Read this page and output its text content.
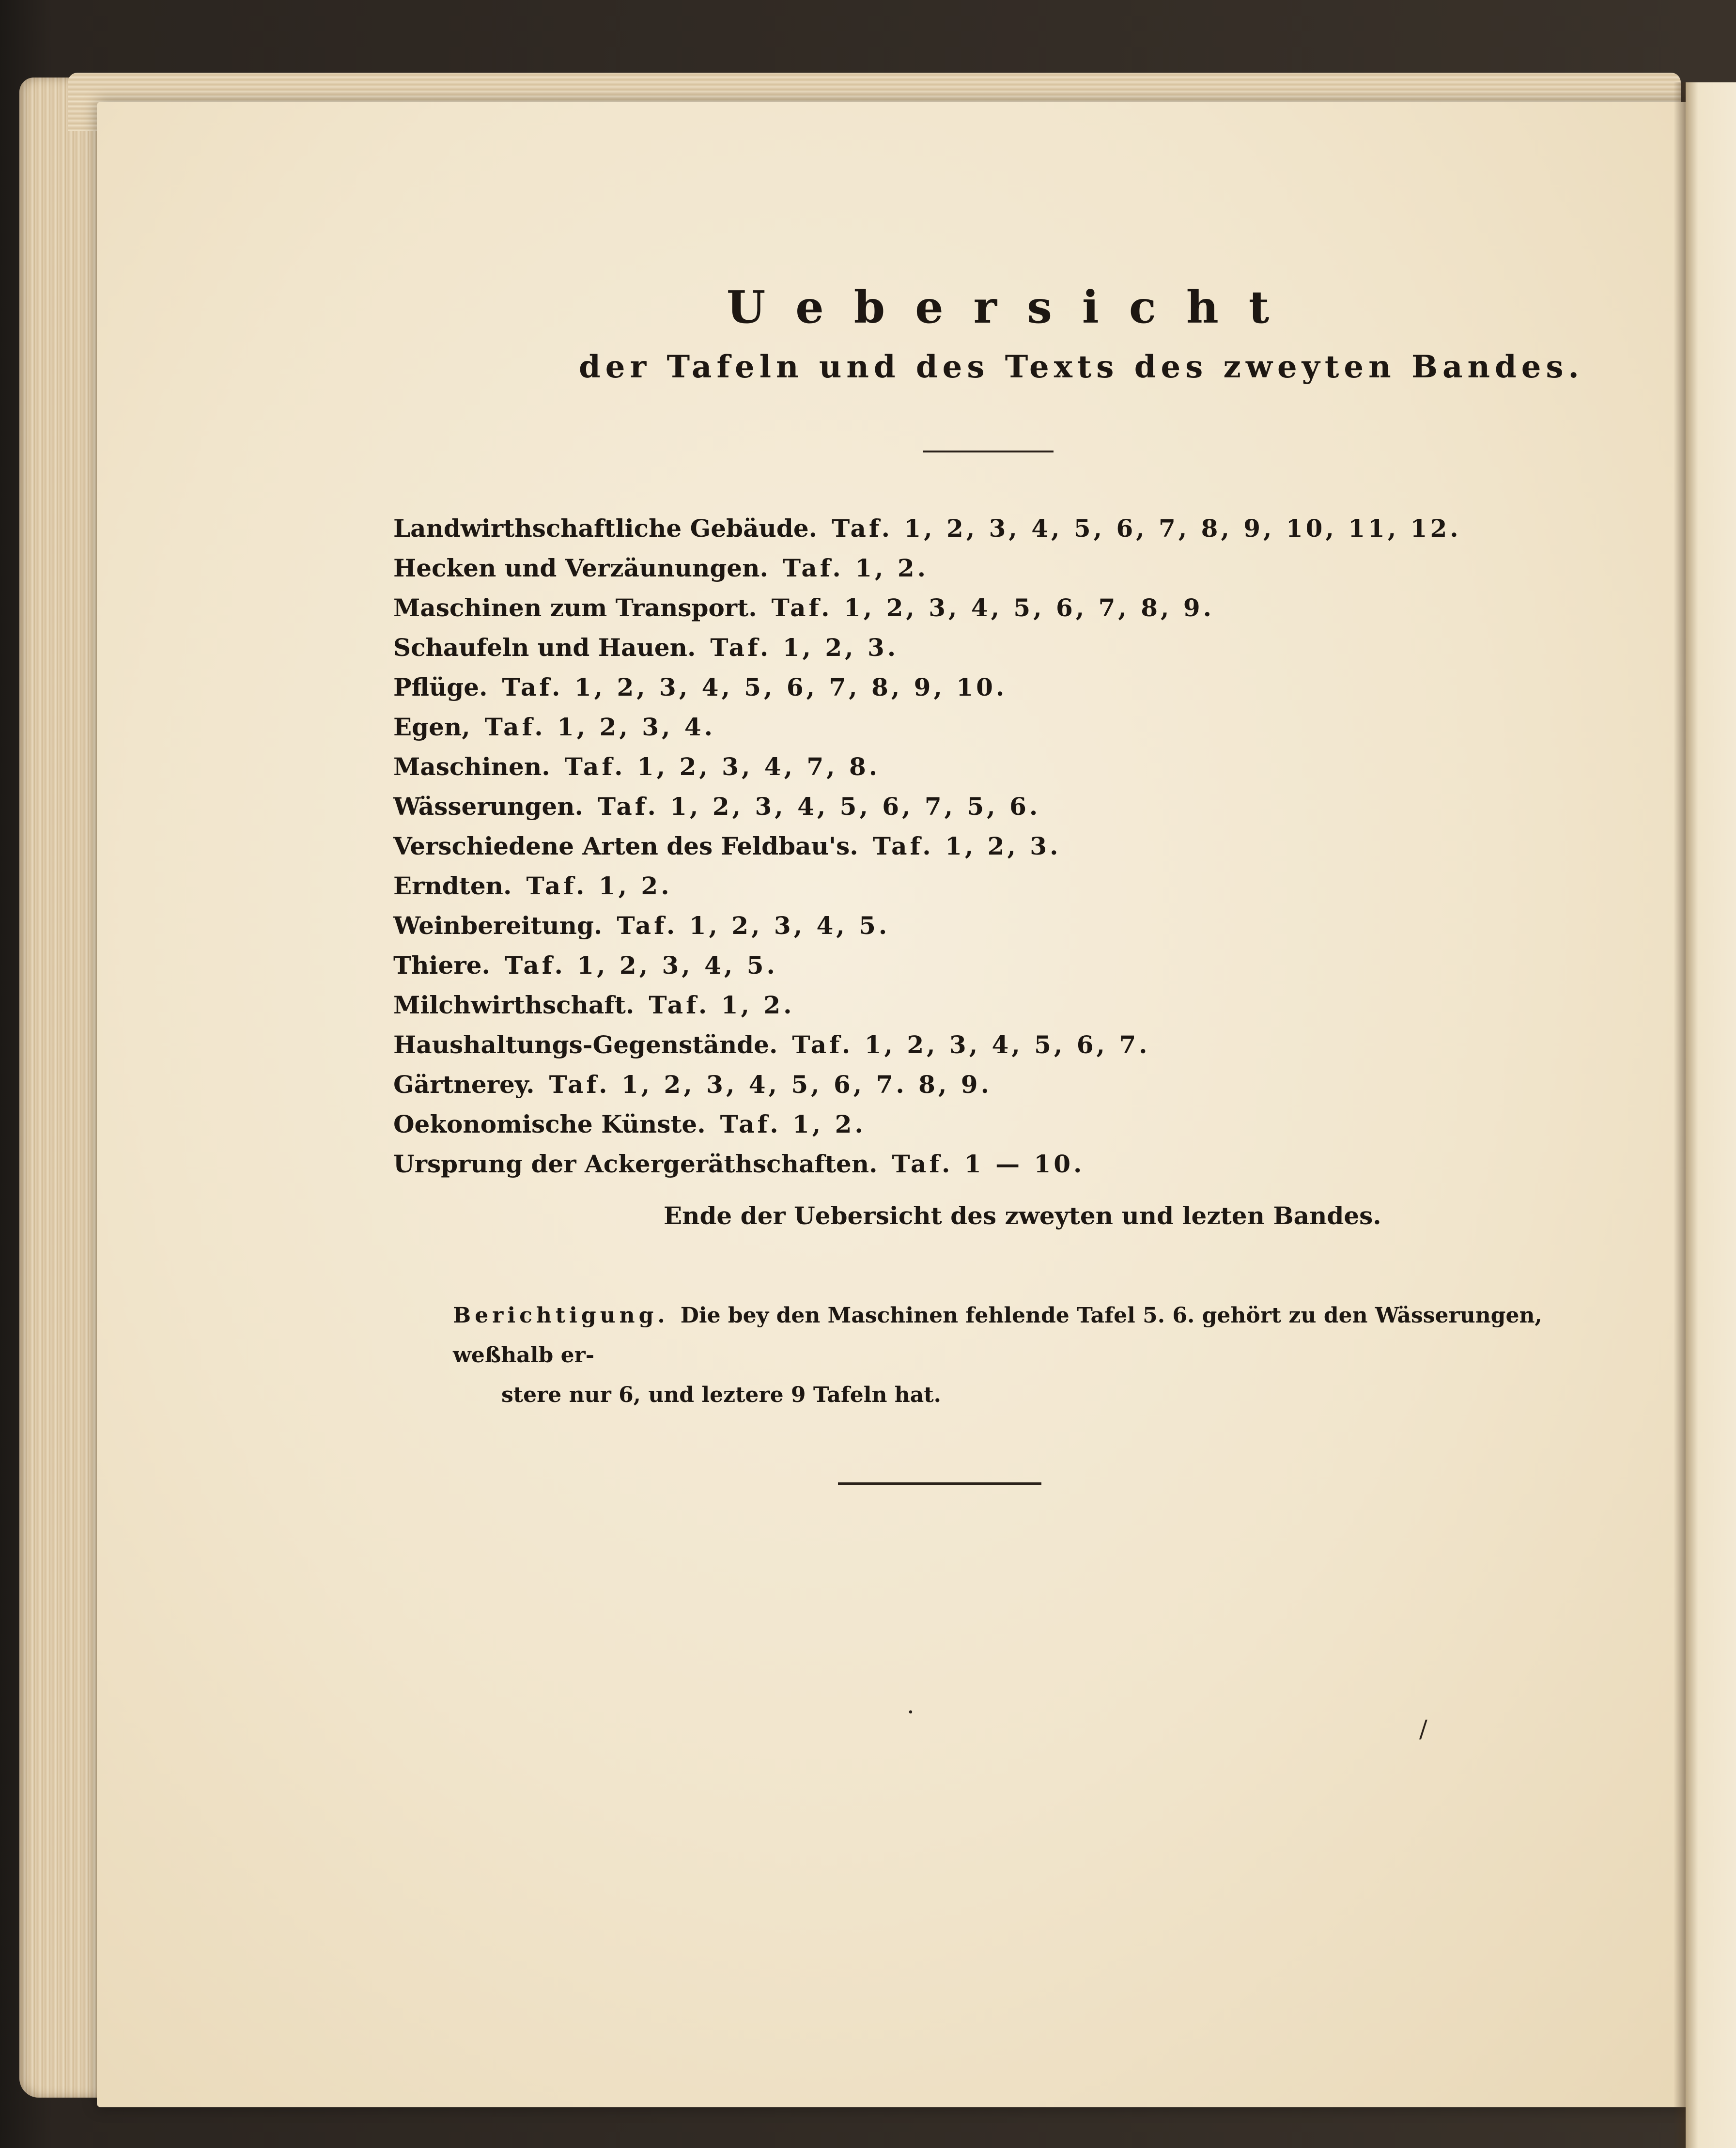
Uebersicht
der Tafeln und des Texts des zweyten Bandes.
Landwirthschaftliche Gebäude. Taf. 1, 2, 3, 4, 5, 6, 7, 8, 9, 10, 11, 12.
Hecken und Verzäunungen. Taf. 1, 2.
Maschinen zum Transport. Taf. 1, 2, 3, 4, 5, 6, 7, 8, 9.
Schaufeln und Hauen. Taf. 1, 2, 3.
Pflüge. Taf. 1, 2, 3, 4, 5, 6, 7, 8, 9, 10.
Egen, Taf. 1, 2, 3, 4.
Maschinen. Taf. 1, 2, 3, 4, 7, 8.
Wässerungen. Taf. 1, 2, 3, 4, 5, 6, 7, 5, 6.
Verschiedene Arten des Feldbau's. Taf. 1, 2, 3.
Erndten. Taf. 1, 2.
Weinbereitung. Taf. 1, 2, 3, 4, 5.
Thiere. Taf. 1, 2, 3, 4, 5.
Milchwirthschaft. Taf. 1, 2.
Haushaltungs-Gegenstände. Taf. 1, 2, 3, 4, 5, 6, 7.
Gärtnerey. Taf. 1, 2, 3, 4, 5, 6, 7. 8, 9.
Oekonomische Künste. Taf. 1, 2.
Ursprung der Ackergeräthschaften. Taf. 1 — 10.
Ende der Uebersicht des zweyten und lezten Bandes.
Berichtigung. Die bey den Maschinen fehlende Tafel 5. 6. gehört zu den Wässerungen, weßhalb er-
stere nur 6, und leztere 9 Tafeln hat.
·
/
